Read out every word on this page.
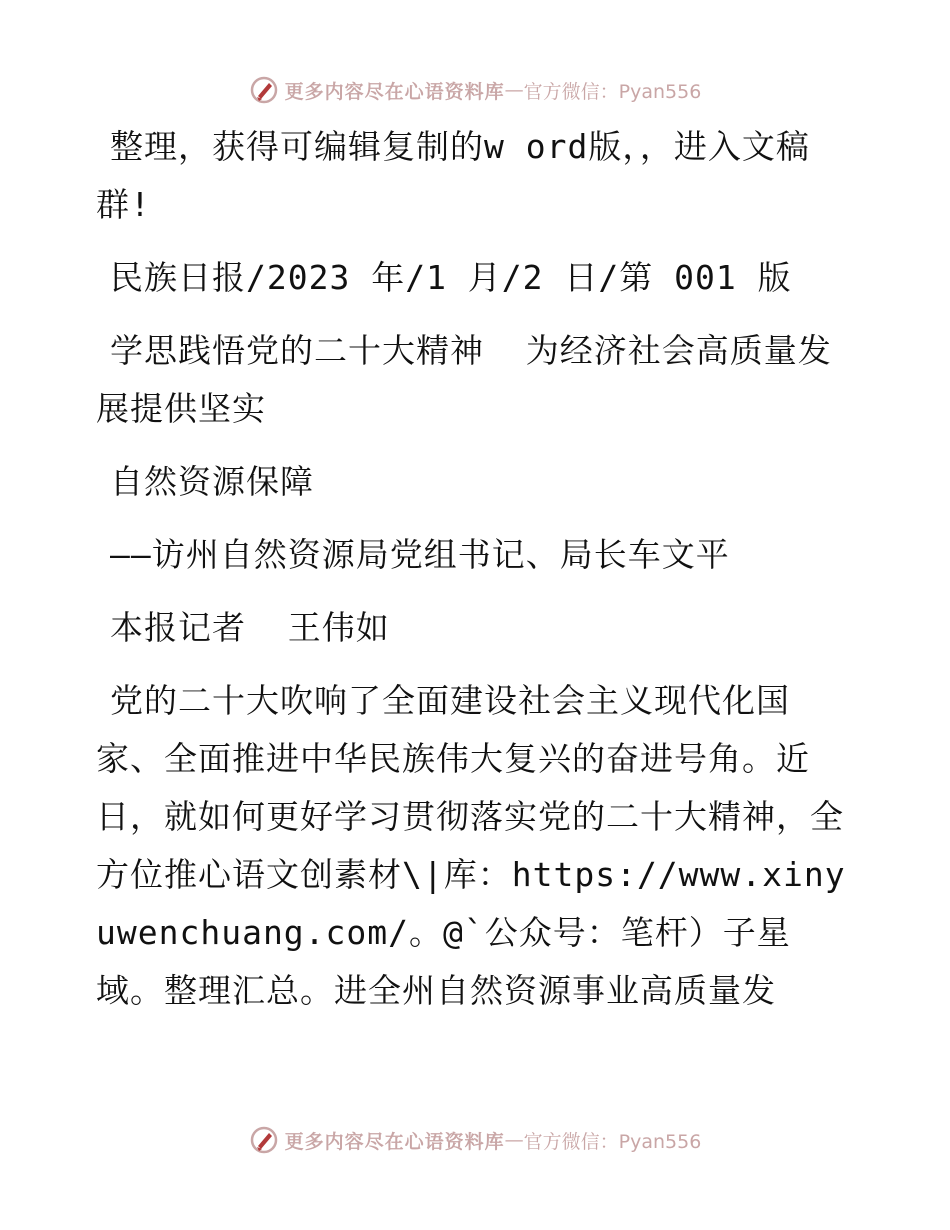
更多内容尽在心语资料库 — 官方微信：Pyan556

整理，获得可编辑复制的w ord版，，进入文稿群!

民族日报/2023 年/1 月/2 日/第 001 版

学思践悟党的二十大精神  为经济社会高质量发展提供坚实

自然资源保障

——访州自然资源局党组书记、局长车文平

本报记者  王伟如

党的二十大吹响了全面建设社会主义现代化国家、全面推进中华民族伟大复兴的奋进号角。近日，就如何更好学习贯彻落实党的二十大精神，全方位推心语文创素材\|库：https://www.xinyuwenchuang.com/。@`公众号：笔杆）子星域。整理汇总。进全州自然资源事业高质量发

更多内容尽在心语资料库 — 官方微信：Pyan556
